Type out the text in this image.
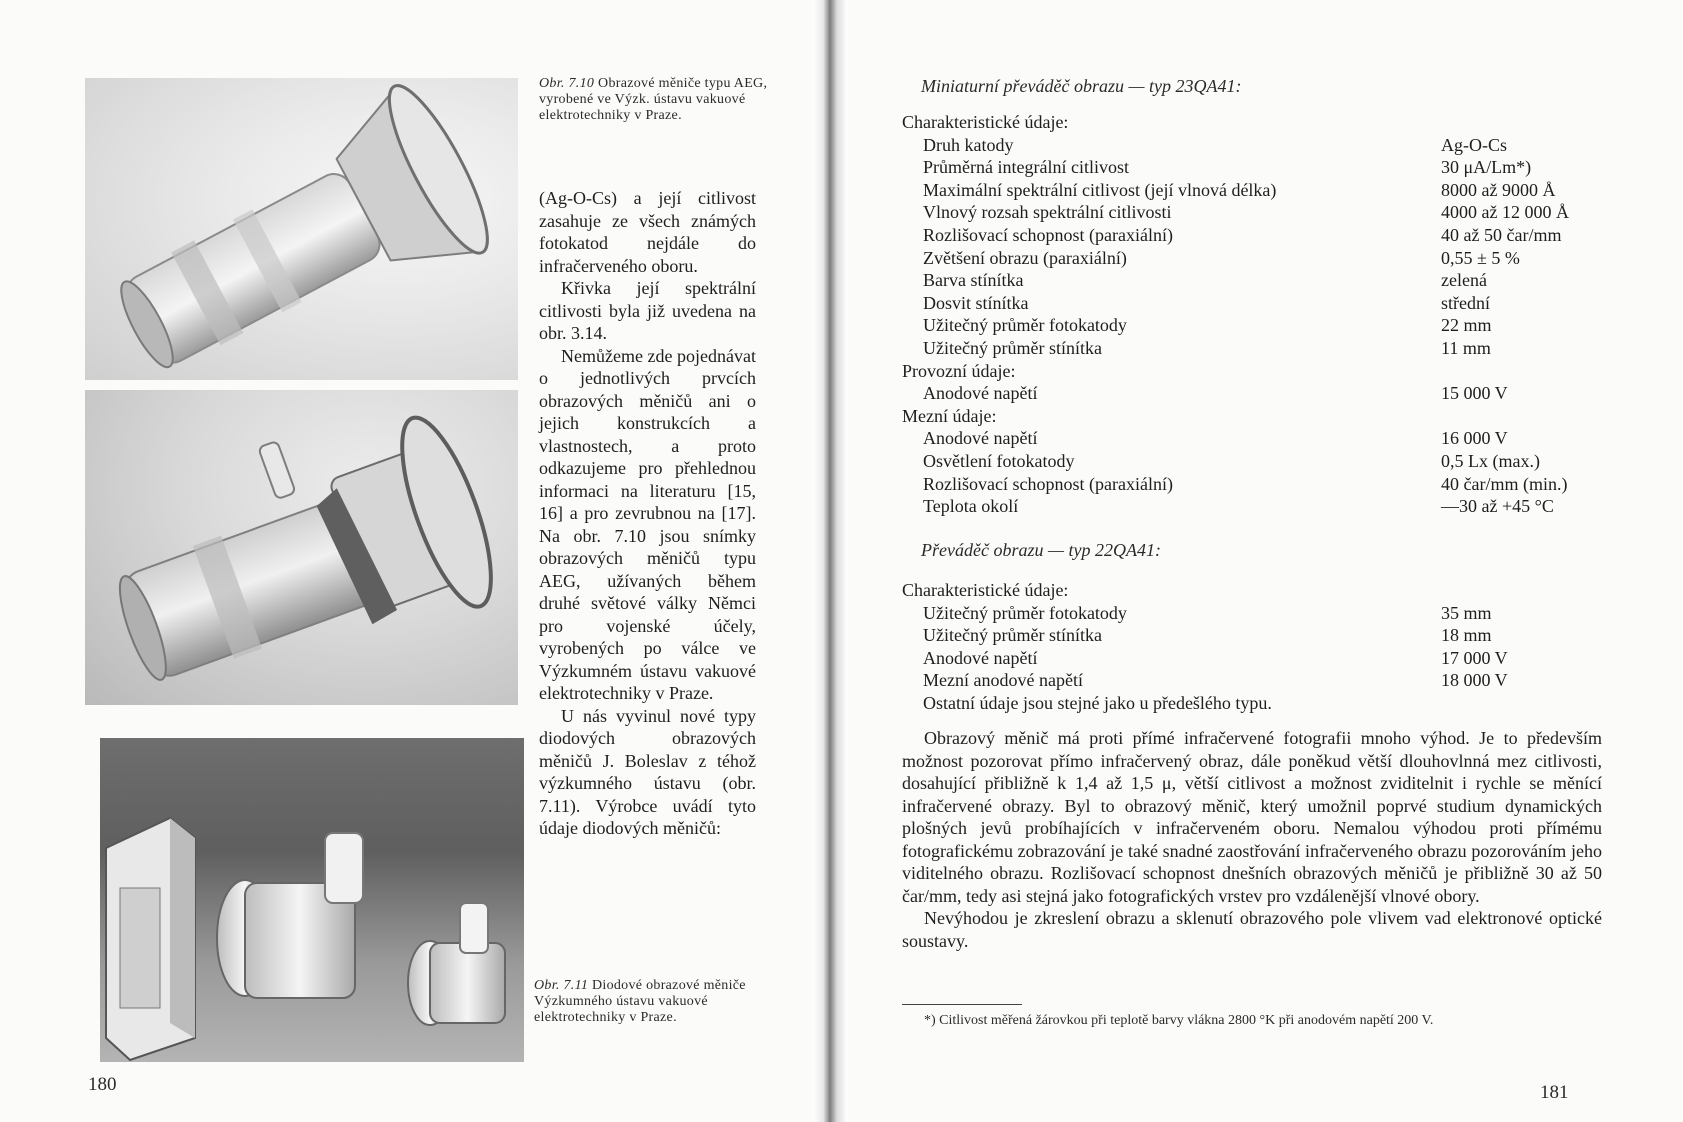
Obr. 7.10 Obrazové měniče typu AEG, vyrobené ve Výzk. ústavu vakuové elektrotechniky v Praze.

(Ag-O-Cs) a její citlivost zasahuje ze všech známých fotokatod nejdále do infračerveného oboru.

Křivka její spektrální citlivosti byla již uvedena na obr. 3.14.

Nemůžeme zde pojednávat o jednotlivých prvcích obrazových měničů ani o jejich konstrukcích a vlastnostech, a proto odkazujeme pro přehlednou informaci na literaturu [15, 16] a pro zevrubnou na [17]. Na obr. 7.10 jsou snímky obrazových měničů typu AEG, užívaných během druhé světové války Němci pro vojenské účely, vyrobených po válce ve Výzkumném ústavu vakuové elektrotechniky v Praze.

U nás vyvinul nové typy diodových obrazových měničů J. Boleslav z téhož výzkumného ústavu (obr. 7.11). Výrobce uvádí tyto údaje diodových měničů:

Obr. 7.11 Diodové obrazové měniče Výzkumného ústavu vakuové elektrotechniky v Praze.
180
Miniaturní převáděč obrazu — typ 23QA41:
Charakteristické údaje:	
Druh katody	Ag-O-Cs
Průměrná integrální citlivost	30 μA/Lm*)
Maximální spektrální citlivost (její vlnová délka)	8000 až 9000 Å
Vlnový rozsah spektrální citlivosti	4000 až 12 000 Å
Rozlišovací schopnost (paraxiální)	40 až 50 čar/mm
Zvětšení obrazu (paraxiální)	0,55 ± 5 %
Barva stínítka	zelená
Dosvit stínítka	střední
Užitečný průměr fotokatody	22 mm
Užitečný průměr stínítka	11 mm
Provozní údaje:	
Anodové napětí	15 000 V
Mezní údaje:	
Anodové napětí	16 000 V
Osvětlení fotokatody	0,5 Lx (max.)
Rozlišovací schopnost (paraxiální)	40 čar/mm (min.)
Teplota okolí	—30 až +45 °C
Převáděč obrazu — typ 22QA41:
Charakteristické údaje:	
Užitečný průměr fotokatody	35 mm
Užitečný průměr stínítka	18 mm
Anodové napětí	17 000 V
Mezní anodové napětí	18 000 V
Ostatní údaje jsou stejné jako u předešlého typu.	

Obrazový měnič má proti přímé infračervené fotografii mnoho výhod. Je to především možnost pozorovat přímo infračervený obraz, dále poněkud větší dlouhovlnná mez citlivosti, dosahující přibližně k 1,4 až 1,5 μ, větší citlivost a možnost zviditelnit i rychle se měnící infračervené obrazy. Byl to obrazový měnič, který umožnil poprvé studium dynamických plošných jevů probíhajících v infračerveném oboru. Nemalou výhodou proti přímému fotografickému zobrazování je také snadné zaostřování infračerveného obrazu pozorováním jeho viditelného obrazu. Rozlišovací schopnost dnešních obrazových měničů je přibližně 30 až 50 čar/mm, tedy asi stejná jako fotografických vrstev pro vzdálenější vlnové obory.

Nevýhodou je zkreslení obrazu a sklenutí obrazového pole vlivem vad elektronové optické soustavy.

*) Citlivost měřená žárovkou při teplotě barvy vlákna 2800 °K při anodovém napětí 200 V.
181
